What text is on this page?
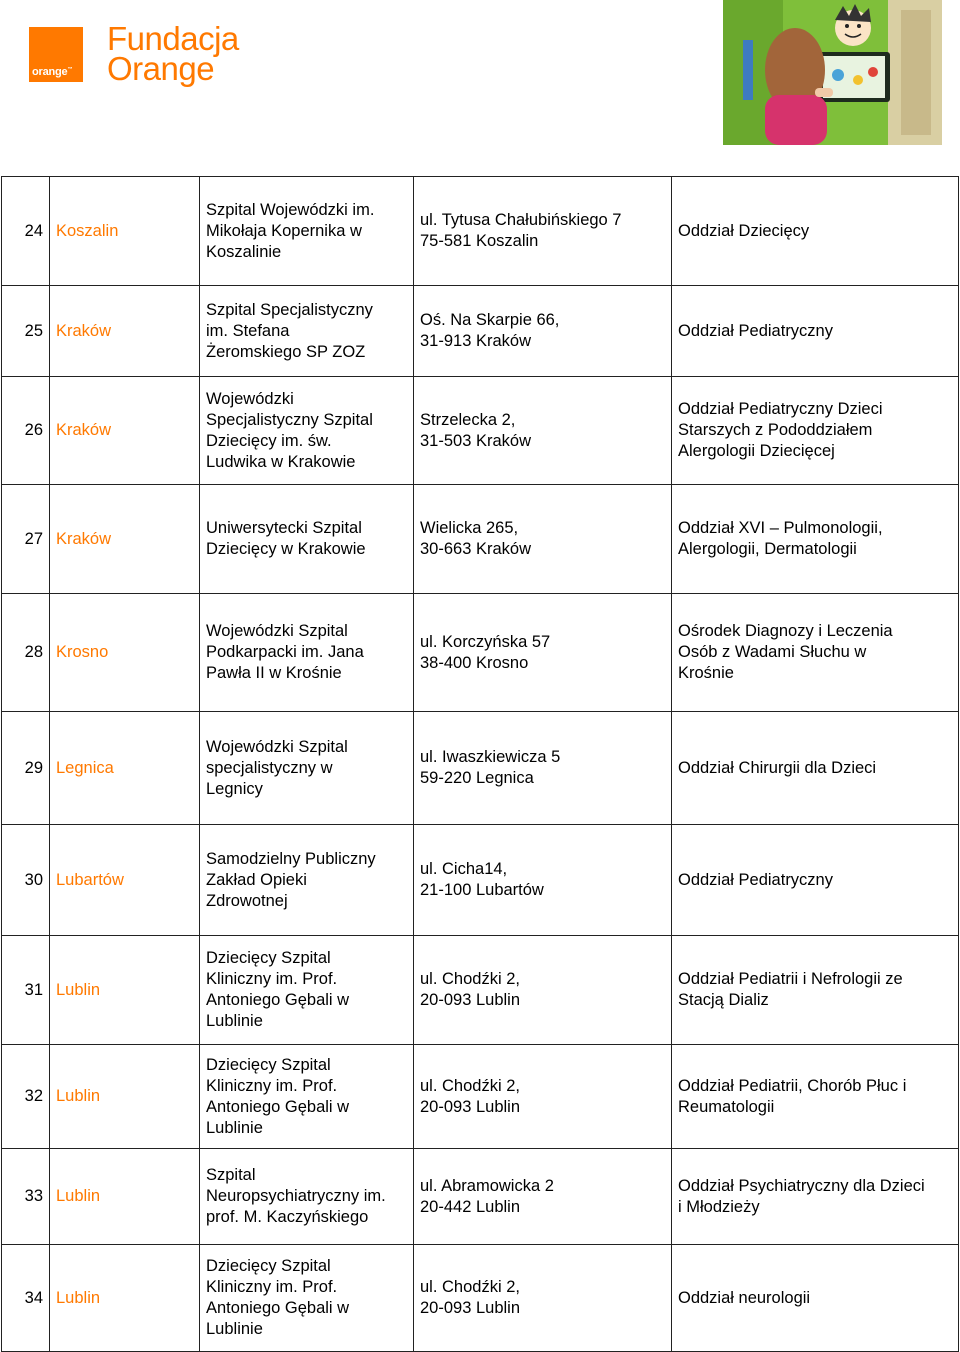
orange™
Fundacja
Orange
24	Koszalin	Szpital Wojewódzki im.
Mikołaja Kopernika w
Koszalinie	ul. Tytusa Chałubińskiego 7
75-581 Koszalin	Oddział Dziecięcy

25	Kraków	Szpital Specjalistyczny
im. Stefana
Żeromskiego SP ZOZ	Oś. Na Skarpie 66,
31-913 Kraków	Oddział Pediatryczny

26	Kraków	Wojewódzki
Specjalistyczny Szpital
Dziecięcy im. św.
Ludwika w Krakowie	Strzelecka 2,
31-503 Kraków	Oddział Pediatryczny Dzieci
Starszych z Pododdziałem
Alergologii Dziecięcej

27	Kraków	Uniwersytecki Szpital
Dziecięcy w Krakowie	Wielicka 265,
30-663 Kraków	Oddział XVI – Pulmonologii,
Alergologii, Dermatologii

28	Krosno	Wojewódzki Szpital
Podkarpacki im. Jana
Pawła II w Krośnie	ul. Korczyńska 57
38-400 Krosno	Ośrodek Diagnozy i Leczenia
Osób z Wadami Słuchu w
Krośnie

29	Legnica	Wojewódzki Szpital
specjalistyczny w
Legnicy	ul. Iwaszkiewicza 5
59-220 Legnica	Oddział Chirurgii dla Dzieci

30	Lubartów	Samodzielny Publiczny
Zakład Opieki
Zdrowotnej	ul. Cicha14,
21-100 Lubartów	Oddział Pediatryczny

31	Lublin	Dziecięcy Szpital
Kliniczny im. Prof.
Antoniego Gębali w
Lublinie	ul. Chodźki 2,
20-093 Lublin	Oddział Pediatrii i Nefrologii ze
Stacją Dializ

32	Lublin	Dziecięcy Szpital
Kliniczny im. Prof.
Antoniego Gębali w
Lublinie	ul. Chodźki 2,
20-093 Lublin	Oddział Pediatrii, Chorób Płuc i
Reumatologii

33	Lublin	Szpital
Neuropsychiatryczny im.
prof. M. Kaczyńskiego	ul. Abramowicka 2
20-442 Lublin	Oddział Psychiatryczny dla Dzieci
i Młodzieży

34	Lublin	Dziecięcy Szpital
Kliniczny im. Prof.
Antoniego Gębali w
Lublinie	ul. Chodźki 2,
20-093 Lublin	Oddział neurologii
